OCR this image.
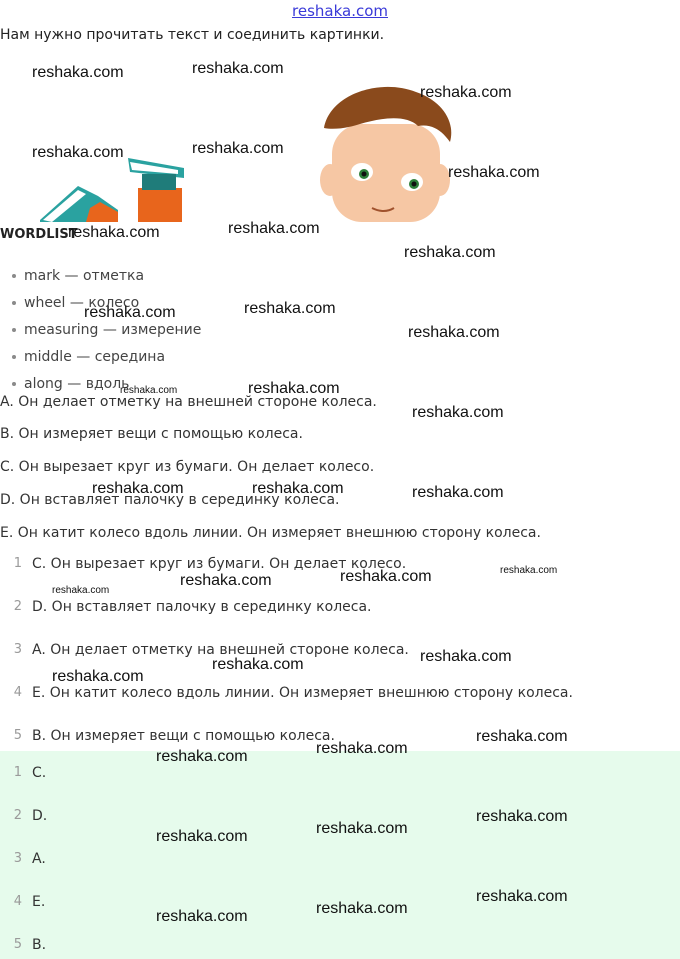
reshaka.com
Нам нужно прочитать текст и соединить картинки.
WORDLIST
mark — отметка
wheel — колесо
measuring — измерение
middle — середина
along — вдоль
A. Он делает отметку на внешней стороне колеса.
B. Он измеряет вещи с помощью колеса.
C. Он вырезает круг из бумаги. Он делает колесо.
D. Он вставляет палочку в серединку колеса.
E. Он катит колесо вдоль линии. Он измеряет внешнюю сторону колеса.
1 C. Он вырезает круг из бумаги. Он делает колесо.
2 D. Он вставляет палочку в серединку колеса.
3 A. Он делает отметку на внешней стороне колеса.
4 E. Он катит колесо вдоль линии. Он измеряет внешнюю сторону колеса.
5 B. Он измеряет вещи с помощью колеса.
1 C.
2 D.
3 A.
4 E.
5 B.
reshaka.com	reshaka.com
reshaka.com
reshaka.com	reshaka.com
reshaka.com
reshaka.com	reshaka.com
reshaka.com
reshaka.com	reshaka.com
reshaka.com
reshaka.com	reshaka.com
reshaka.com
reshaka.com	reshaka.com	reshaka.com
reshaka.com
reshaka.com	reshaka.com	reshaka.com
reshaka.com
reshaka.com	reshaka.com
reshaka.com
reshaka.com
reshaka.com
reshaka.com	reshaka.com
reshaka.com
reshaka.com	reshaka.com
reshaka.com
